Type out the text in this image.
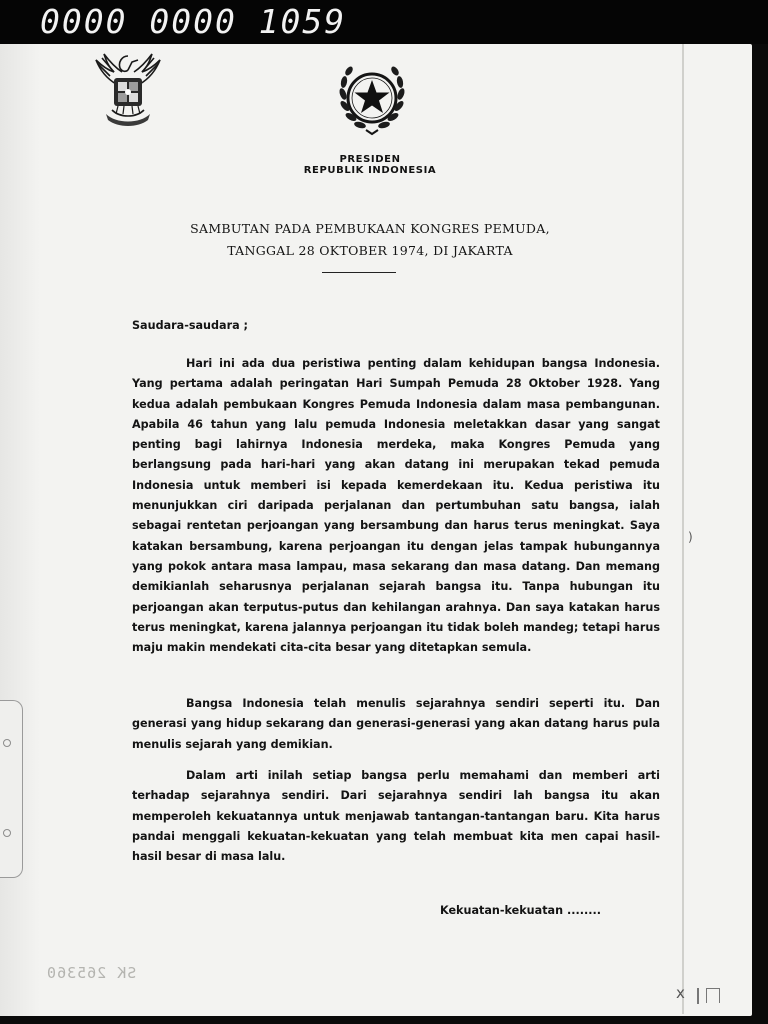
0000 0000 1059
PRESIDEN
REPUBLIK INDONESIA
SAMBUTAN PADA PEMBUKAAN KONGRES PEMUDA,
TANGGAL 28 OKTOBER 1974, DI JAKARTA

Saudara-saudara ;

Hari ini ada dua peristiwa penting dalam kehidupan bangsa Indonesia. Yang pertama adalah peringatan Hari Sumpah Pemuda 28 Oktober 1928. Yang kedua adalah pembukaan Kongres Pemuda Indonesia dalam masa pembangunan. Apabila 46 tahun yang lalu pemuda Indonesia meletakkan dasar yang sangat penting bagi lahirnya Indonesia merdeka, maka Kongres Pemuda yang berlangsung pada hari-hari yang akan datang ini merupakan tekad pemuda Indonesia untuk memberi isi kepada kemerdekaan itu. Kedua peristiwa itu menunjukkan ciri daripada perjalanan dan pertumbuhan satu bangsa, ialah sebagai rentetan perjoangan yang bersambung dan harus terus meningkat. Saya katakan bersambung, karena perjoangan itu dengan jelas tampak hubungannya yang pokok antara masa lampau, masa sekarang dan masa datang. Dan memang demikianlah seharusnya perjalanan sejarah bangsa itu. Tanpa hubungan itu perjoangan akan terputus-putus dan kehilangan arahnya. Dan saya katakan harus terus meningkat, karena jalannya perjoangan itu tidak boleh mandeg; tetapi harus maju makin mendekati cita-cita besar yang ditetapkan semula.

Bangsa Indonesia telah menulis sejarahnya sendiri seperti itu. Dan generasi yang hidup sekarang dan generasi-generasi yang akan datang harus pula menulis sejarah yang demikian.

Dalam arti inilah setiap bangsa perlu memahami dan memberi arti terhadap sejarahnya sendiri. Dari sejarahnya sendiri lah bangsa itu akan memperoleh kekuatannya untuk menjawab tantangan-tantangan baru. Kita harus pandai menggali kekuatan-kekuatan yang telah membuat kita men capai hasil-hasil besar di masa lalu.

Kekuatan-kekuatan ........
SK 265360
)
x
